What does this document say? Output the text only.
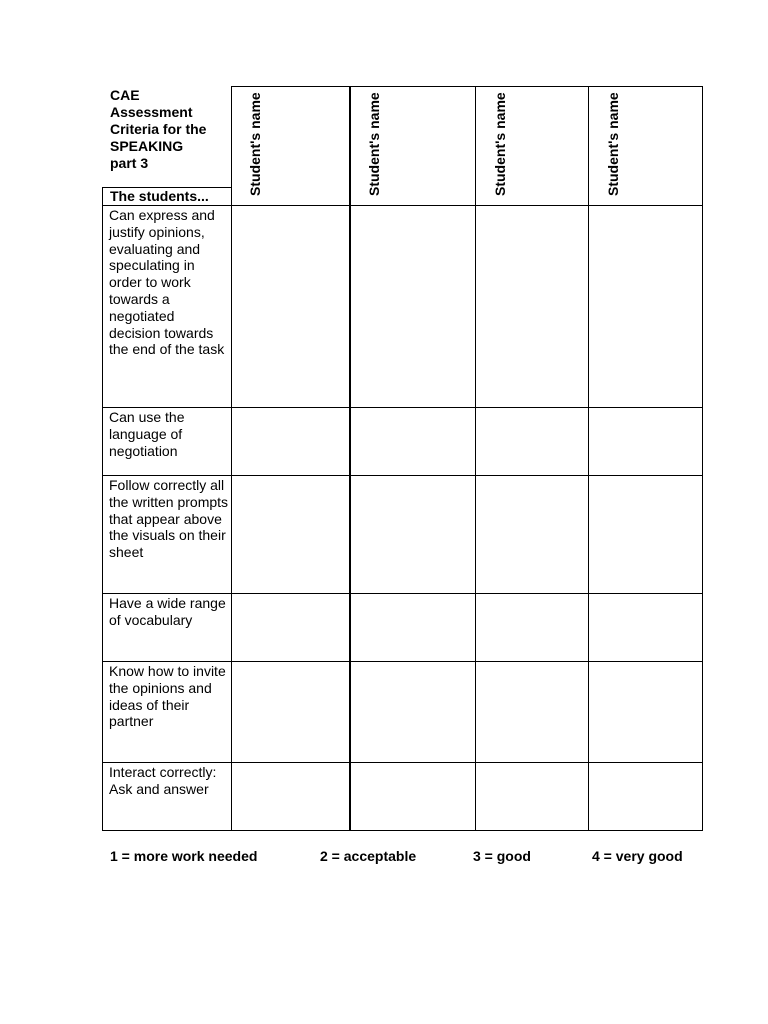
CAE
Assessment
Criteria for the
SPEAKING
part 3	Student's name	Student's name	Student's name	Student's name
The students...
Can express and justify opinions, evaluating and speculating in order to work towards a negotiated decision towards the end of the task
Can use the language of negotiation
Follow correctly all the written prompts that appear above the visuals on their sheet
Have a wide range of vocabulary
Know how to invite the opinions and ideas of their partner
Interact correctly: Ask and answer
1 = more work needed	2 = acceptable	3 = good	4 = very good
